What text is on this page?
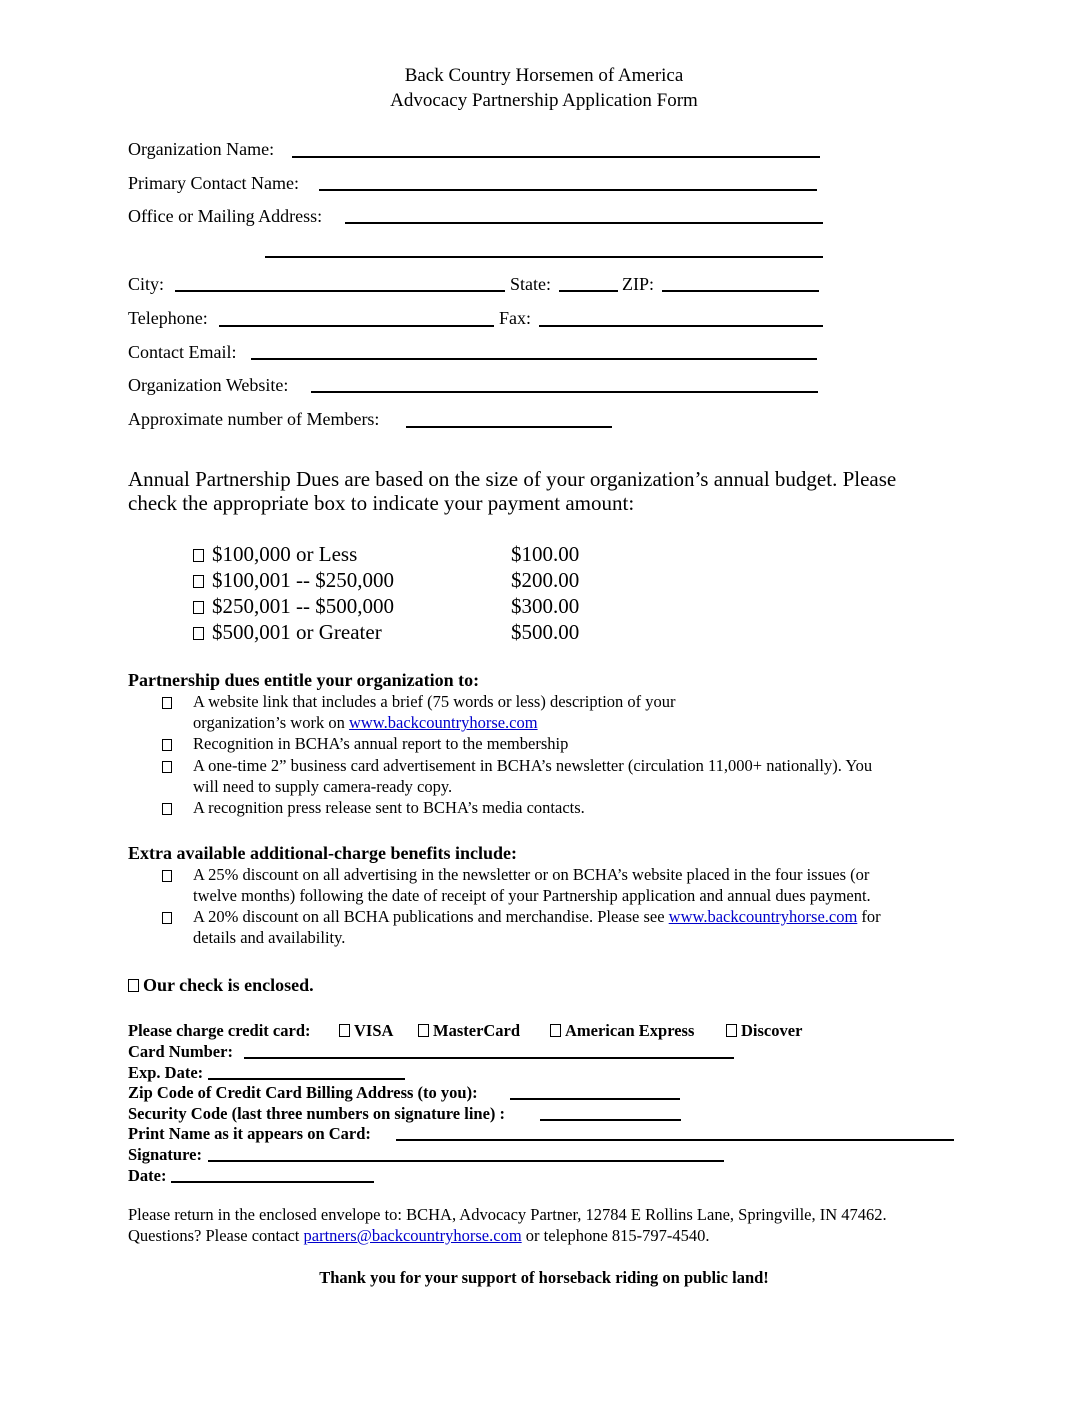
Back Country Horsemen of America
Advocacy Partnership Application Form
Organization Name:
Primary Contact Name:
Office or Mailing Address:
City:	State:	ZIP:
Telephone:	Fax:
Contact Email:
Organization Website:
Approximate number of Members:
Annual Partnership Dues are based on the size of your organization’s annual budget. Please
check the appropriate box to indicate your payment amount:
$100,000 or Less	$100.00
$100,001 -- $250,000	$200.00
$250,001 -- $500,000	$300.00
$500,001 or Greater	$500.00
Partnership dues entitle your organization to:
A website link that includes a brief (75 words or less) description of your
organization’s work on www.backcountryhorse.com
Recognition in BCHA’s annual report to the membership
A one-time 2” business card advertisement in BCHA’s newsletter (circulation 11,000+ nationally). You
will need to supply camera-ready copy.
A recognition press release sent to BCHA’s media contacts.
Extra available additional-charge benefits include:
A 25% discount on all advertising in the newsletter or on BCHA’s website placed in the four issues (or
twelve months) following the date of receipt of your Partnership application and annual dues payment.
A 20% discount on all BCHA publications and merchandise. Please see www.backcountryhorse.com for
details and availability.
Our check is enclosed.
Please charge credit card:	VISA	MasterCard	American Express	Discover
Card Number:
Exp. Date:
Zip Code of Credit Card Billing Address (to you):
Security Code (last three numbers on signature line) :
Print Name as it appears on Card:
Signature:
Date:
Please return in the enclosed envelope to: BCHA, Advocacy Partner, 12784 E Rollins Lane, Springville, IN 47462.
Questions? Please contact partners@backcountryhorse.com or telephone 815-797-4540.
Thank you for your support of horseback riding on public land!
